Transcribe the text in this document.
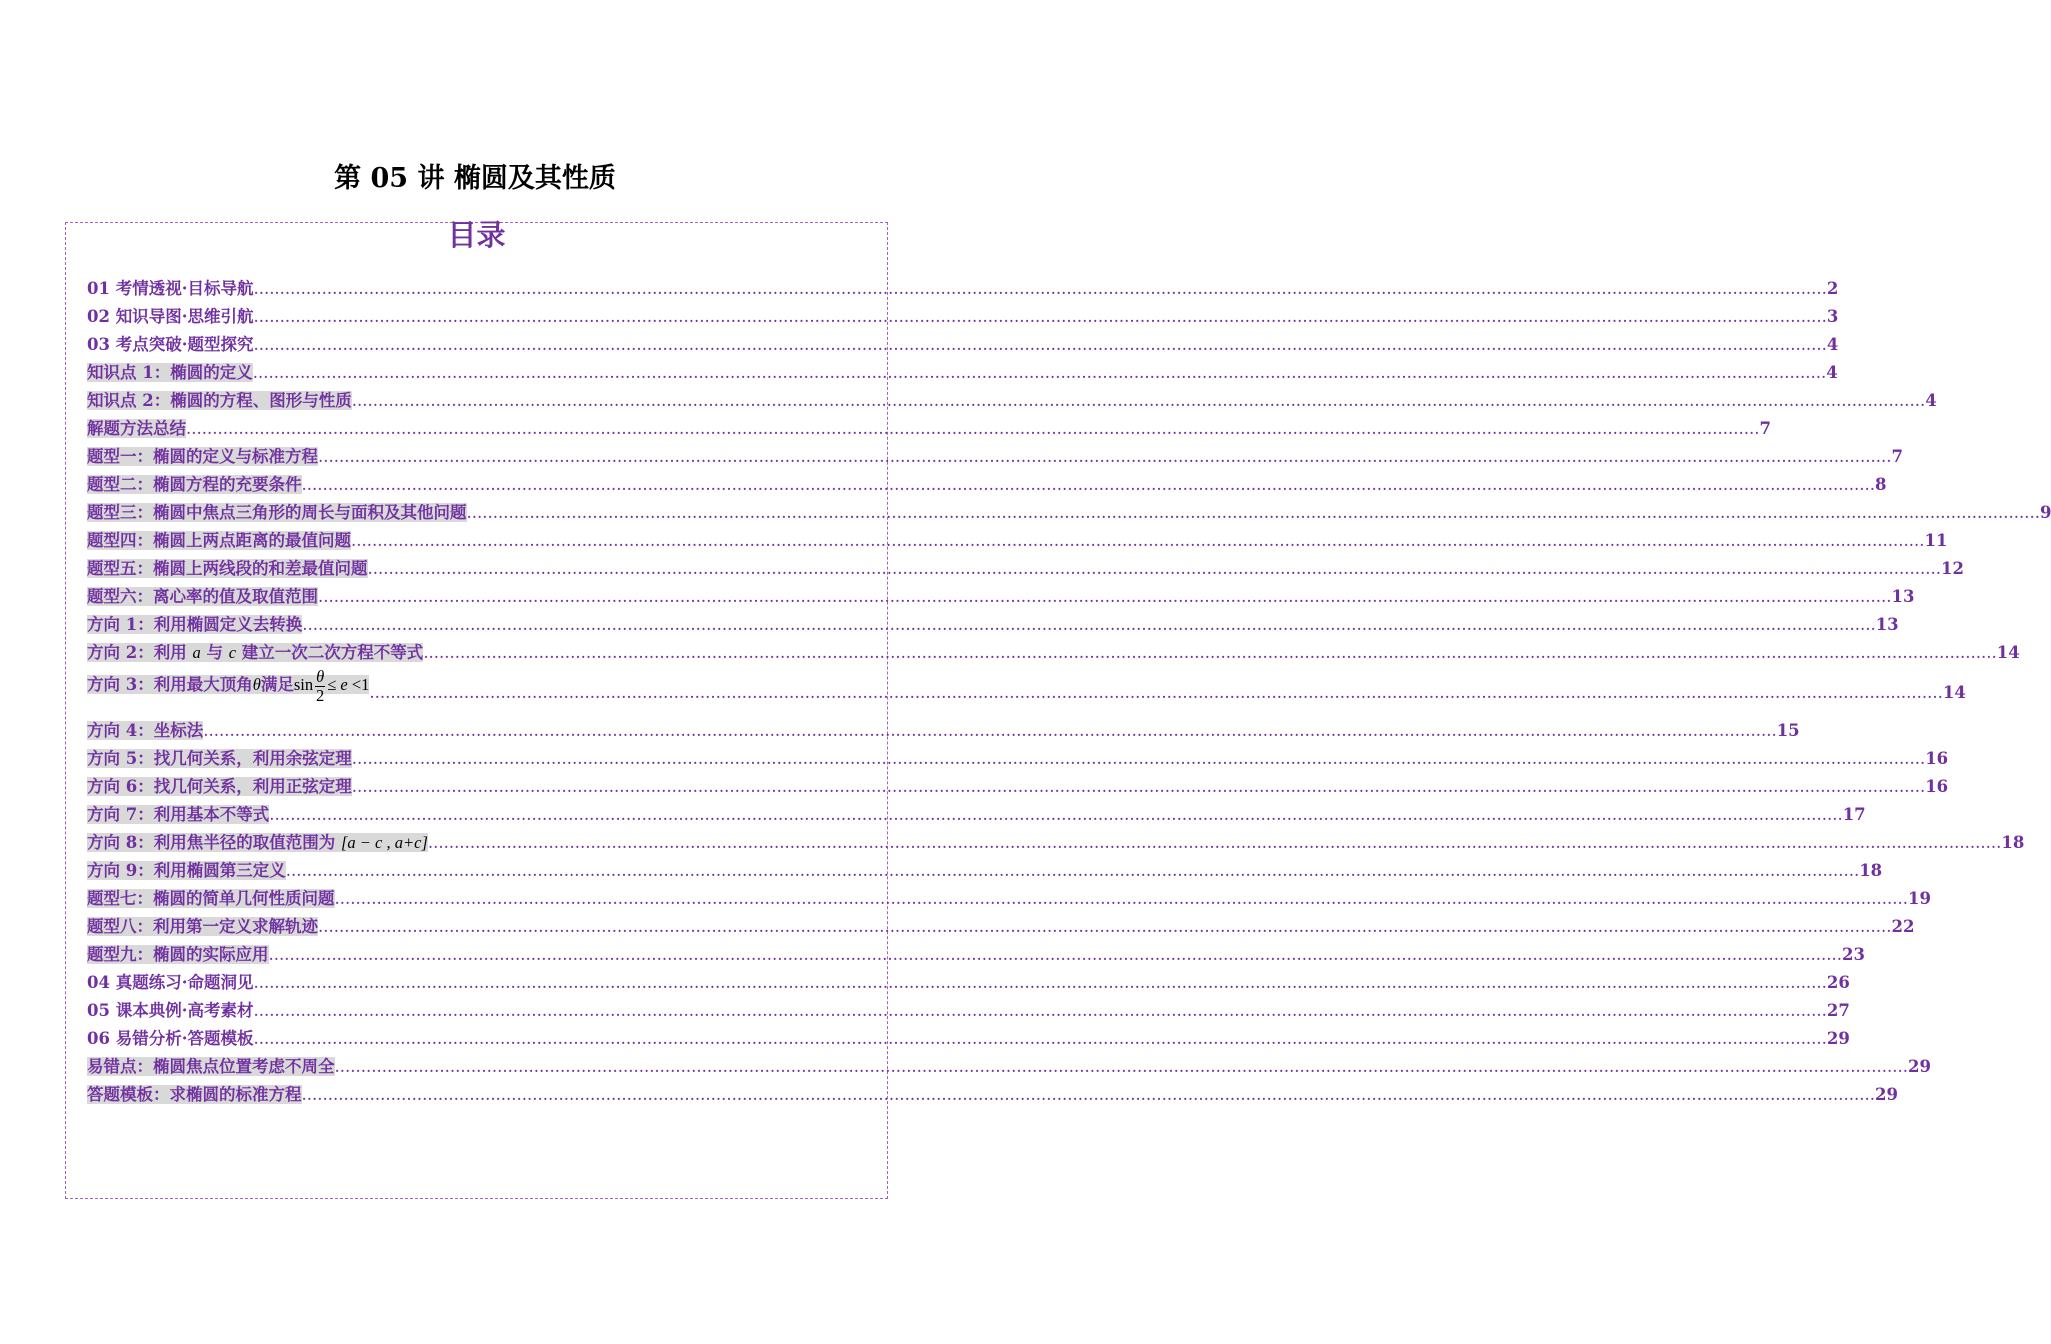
第 05 讲 椭圆及其性质
目录
01 考情透视·目标导航 ............................................................................................................................................................................................................................................................................................................ 2
02 知识导图·思维引航 ............................................................................................................................................................................................................................................................................................................ 3
03 考点突破·题型探究 ............................................................................................................................................................................................................................................................................................................ 4
知识点 1：椭圆的定义 ............................................................................................................................................................................................................................................................................................................ 4
知识点 2：椭圆的方程、图形与性质 ............................................................................................................................................................................................................................................................................................................ 4
解题方法总结 ............................................................................................................................................................................................................................................................................................................ 7
题型一：椭圆的定义与标准方程 ............................................................................................................................................................................................................................................................................................................ 7
题型二：椭圆方程的充要条件 ............................................................................................................................................................................................................................................................................................................ 8
题型三：椭圆中焦点三角形的周长与面积及其他问题 ............................................................................................................................................................................................................................................................................................................ 9
题型四：椭圆上两点距离的最值问题 ............................................................................................................................................................................................................................................................................................................ 11
题型五：椭圆上两线段的和差最值问题 ............................................................................................................................................................................................................................................................................................................ 12
题型六：离心率的值及取值范围 ............................................................................................................................................................................................................................................................................................................ 13
方向 1：利用椭圆定义去转换 ............................................................................................................................................................................................................................................................................................................ 13
方向 2：利用 a 与 c 建立一次二次方程不等式 ............................................................................................................................................................................................................................................................................................................ 14
方向 3：利用最大顶角θ满足$\sin \frac{\theta}{2} \le e <1$ ............................................................................................................................................................................................................................................................................................................ 14
方向 4：坐标法 ............................................................................................................................................................................................................................................................................................................ 15
方向 5：找几何关系，利用余弦定理 ............................................................................................................................................................................................................................................................................................................ 16
方向 6：找几何关系，利用正弦定理 ............................................................................................................................................................................................................................................................................................................ 16
方向 7：利用基本不等式 ............................................................................................................................................................................................................................................................................................................ 17
方向 8：利用焦半径的取值范围为 [a − c , a+c] ............................................................................................................................................................................................................................................................................................................ 18
方向 9：利用椭圆第三定义 ............................................................................................................................................................................................................................................................................................................ 18
题型七：椭圆的简单几何性质问题 ............................................................................................................................................................................................................................................................................................................ 19
题型八：利用第一定义求解轨迹 ............................................................................................................................................................................................................................................................................................................ 22
题型九：椭圆的实际应用 ............................................................................................................................................................................................................................................................................................................ 23
04 真题练习·命题洞见 ............................................................................................................................................................................................................................................................................................................ 26
05 课本典例·高考素材 ............................................................................................................................................................................................................................................................................................................ 27
06 易错分析·答题模板 ............................................................................................................................................................................................................................................................................................................ 29
易错点：椭圆焦点位置考虑不周全 ............................................................................................................................................................................................................................................................................................................ 29
答题模板：求椭圆的标准方程 ............................................................................................................................................................................................................................................................................................................ 29
